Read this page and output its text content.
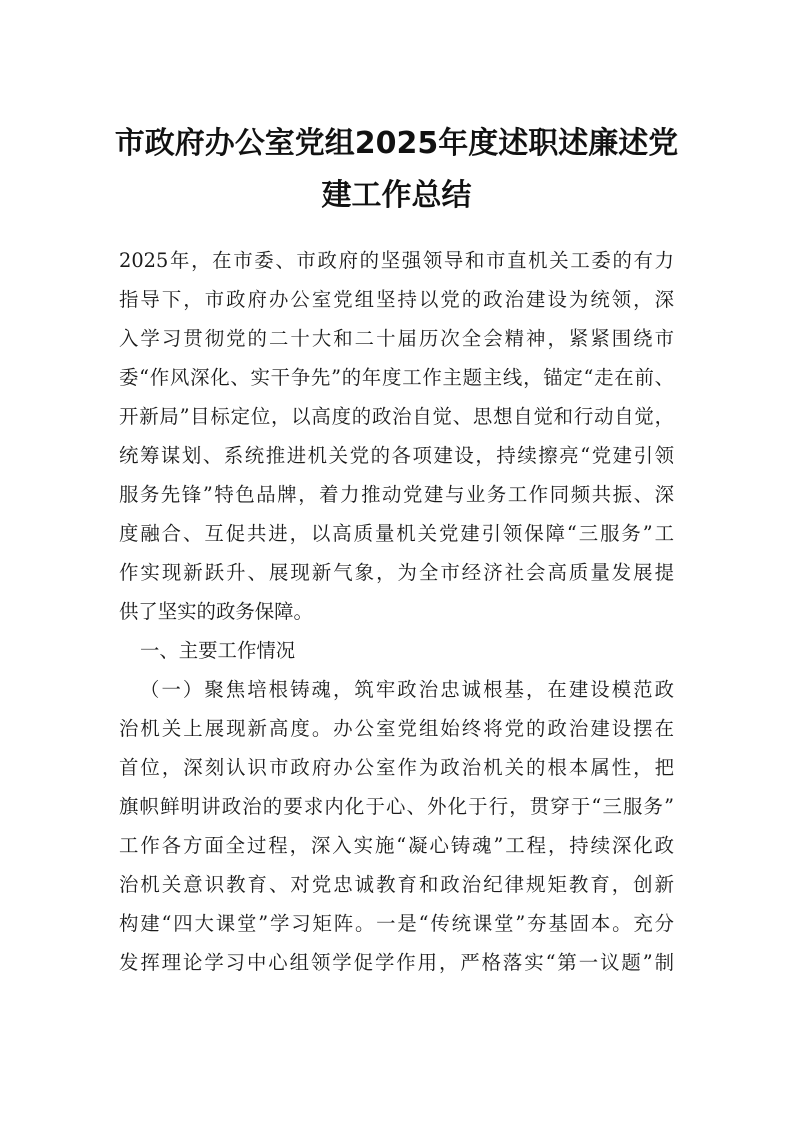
市政府办公室党组2025年度述职述廉述党
建工作总结
2025年，在市委、市政府的坚强领导和市直机关工委的有力
指导下，市政府办公室党组坚持以党的政治建设为统领，深
入学习贯彻党的二十大和二十届历次全会精神，紧紧围绕市
委“作风深化、实干争先”的年度工作主题主线，锚定“走在前、
开新局”目标定位，以高度的政治自觉、思想自觉和行动自觉，
统筹谋划、系统推进机关党的各项建设，持续擦亮“党建引领
服务先锋”特色品牌，着力推动党建与业务工作同频共振、深
度融合、互促共进，以高质量机关党建引领保障“三服务”工
作实现新跃升、展现新气象，为全市经济社会高质量发展提
供了坚实的政务保障。
一、主要工作情况
（一）聚焦培根铸魂，筑牢政治忠诚根基，在建设模范政
治机关上展现新高度。办公室党组始终将党的政治建设摆在
首位，深刻认识市政府办公室作为政治机关的根本属性，把
旗帜鲜明讲政治的要求内化于心、外化于行，贯穿于“三服务”
工作各方面全过程，深入实施“凝心铸魂”工程，持续深化政
治机关意识教育、对党忠诚教育和政治纪律规矩教育，创新
构建“四大课堂”学习矩阵。一是“传统课堂”夯基固本。充分
发挥理论学习中心组领学促学作用，严格落实“第一议题”制
